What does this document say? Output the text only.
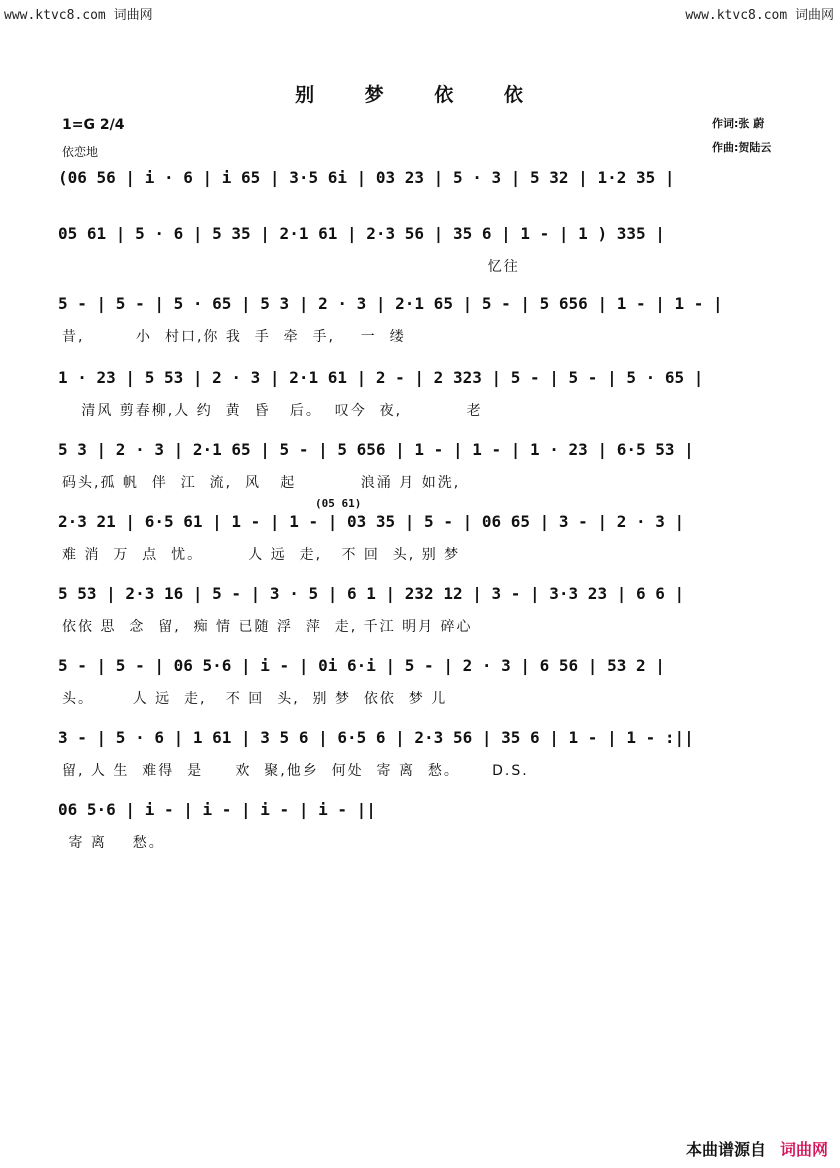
www.ktvc8.com 词曲网	www.ktvc8.com 词曲网
别 梦 依 依
1=G 2/4
依恋地
作词:张 蔚
作曲:贺陆云
(06 56 | i · 6 | i 65 | 3·5 6i | 03 23 | 5 · 3 | 5 32 | 1·2 35 |
05 61 | 5 · 6 | 5 35 | 2·1 61 | 2·3 56 | 35 6 | 1 - | 1 ) 335 |
忆往
5 - | 5 - | 5 · 65 | 5 3 | 2 · 3 | 2·1 65 | 5 - | 5 656 | 1 - | 1 - |
昔,        小  村口,你 我  手  牵  手,    一  缕
1 · 23 | 5 53 | 2 · 3 | 2·1 61 | 2 - | 2 323 | 5 - | 5 - | 5 · 65 |
清风 剪春柳,人 约  黄  昏   后。  叹今  夜,          老
5 3 | 2 · 3 | 2·1 65 | 5 - | 5 656 | 1 - | 1 - | 1 · 23 | 6·5 53 |
码头,孤 帆  伴  江  流,  风   起          浪涌 月 如洗,
2·3 21 | 6·5 61 | 1 - | 1 - | 03 35 | 5 - | 06 65 | 3 - | 2 · 3 |
难 消  万  点  忧。       人 远  走,   不 回  头, 别 梦
5 53 | 2·3 16 | 5 - | 3 · 5 | 6 1 | 232 12 | 3 - | 3·3 23 | 6 6 |
依依 思  念  留,  痴 情 已随 浮  萍  走, 千江 明月 碎心
5 - | 5 - | 06 5·6 | i - | 0i 6·i | 5 - | 2 · 3 | 6 56 | 53 2 |
头。      人 远  走,   不 回  头,  别 梦  依依  梦 儿
3 - | 5 · 6 | 1 61 | 3 5 6 | 6·5 6 | 2·3 56 | 35 6 | 1 - | 1 - :||
留, 人 生  难得  是     欢  聚,他乡  何处  寄 离  愁。     D.S.
06 5·6 | i - | i - | i - | i - ||
寄 离    愁。
(05 61)
本曲谱源自 词曲网
